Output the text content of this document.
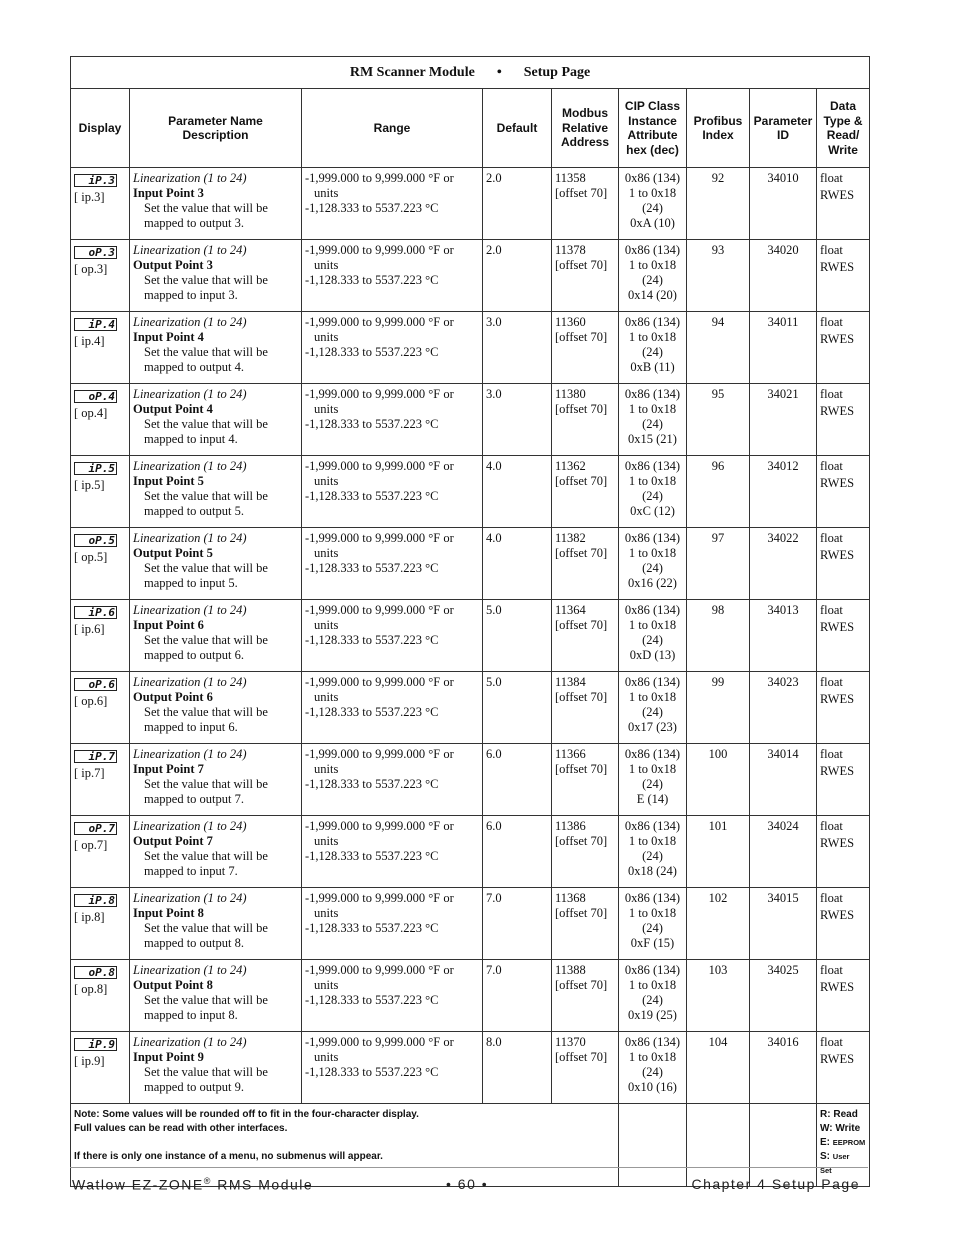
RM Scanner Module • Setup Page								
Display	Parameter Name Description	Range	Default	Modbus Relative Address	CIP Class Instance Attribute hex (dec)	Profibus Index	Parameter ID	Data Type & Read/ Write
iP.3
[ ip.3]	Linearization (1 to 24)
Input Point 3
Set the value that will be mapped to output 3.	-1,999.000 to 9,999.000 °F or
units
-1,128.333 to 5537.223 °C	2.0	11358
[offset 70]	0x86 (134)
1 to 0x18
(24)
0xA (10)	92	34010	float
RWES

oP.3
[ op.3]	Linearization (1 to 24)
Output Point 3
Set the value that will be mapped to input 3.	-1,999.000 to 9,999.000 °F or
units
-1,128.333 to 5537.223 °C	2.0	11378
[offset 70]	0x86 (134)
1 to 0x18
(24)
0x14 (20)	93	34020	float
RWES

iP.4
[ ip.4]	Linearization (1 to 24)
Input Point 4
Set the value that will be mapped to output 4.	-1,999.000 to 9,999.000 °F or
units
-1,128.333 to 5537.223 °C	3.0	11360
[offset 70]	0x86 (134)
1 to 0x18
(24)
0xB (11)	94	34011	float
RWES

oP.4
[ op.4]	Linearization (1 to 24)
Output Point 4
Set the value that will be mapped to input 4.	-1,999.000 to 9,999.000 °F or
units
-1,128.333 to 5537.223 °C	3.0	11380
[offset 70]	0x86 (134)
1 to 0x18
(24)
0x15 (21)	95	34021	float
RWES

iP.5
[ ip.5]	Linearization (1 to 24)
Input Point 5
Set the value that will be mapped to output 5.	-1,999.000 to 9,999.000 °F or
units
-1,128.333 to 5537.223 °C	4.0	11362
[offset 70]	0x86 (134)
1 to 0x18
(24)
0xC (12)	96	34012	float
RWES

oP.5
[ op.5]	Linearization (1 to 24)
Output Point 5
Set the value that will be mapped to input 5.	-1,999.000 to 9,999.000 °F or
units
-1,128.333 to 5537.223 °C	4.0	11382
[offset 70]	0x86 (134)
1 to 0x18
(24)
0x16 (22)	97	34022	float
RWES

iP.6
[ ip.6]	Linearization (1 to 24)
Input Point 6
Set the value that will be mapped to output 6.	-1,999.000 to 9,999.000 °F or
units
-1,128.333 to 5537.223 °C	5.0	11364
[offset 70]	0x86 (134)
1 to 0x18
(24)
0xD (13)	98	34013	float
RWES

oP.6
[ op.6]	Linearization (1 to 24)
Output Point 6
Set the value that will be mapped to input 6.	-1,999.000 to 9,999.000 °F or
units
-1,128.333 to 5537.223 °C	5.0	11384
[offset 70]	0x86 (134)
1 to 0x18
(24)
0x17 (23)	99	34023	float
RWES

iP.7
[ ip.7]	Linearization (1 to 24)
Input Point 7
Set the value that will be mapped to output 7.	-1,999.000 to 9,999.000 °F or
units
-1,128.333 to 5537.223 °C	6.0	11366
[offset 70]	0x86 (134)
1 to 0x18
(24)
E (14)	100	34014	float
RWES

oP.7
[ op.7]	Linearization (1 to 24)
Output Point 7
Set the value that will be mapped to input 7.	-1,999.000 to 9,999.000 °F or
units
-1,128.333 to 5537.223 °C	6.0	11386
[offset 70]	0x86 (134)
1 to 0x18
(24)
0x18 (24)	101	34024	float
RWES

iP.8
[ ip.8]	Linearization (1 to 24)
Input Point 8
Set the value that will be mapped to output 8.	-1,999.000 to 9,999.000 °F or
units
-1,128.333 to 5537.223 °C	7.0	11368
[offset 70]	0x86 (134)
1 to 0x18
(24)
0xF (15)	102	34015	float
RWES

oP.8
[ op.8]	Linearization (1 to 24)
Output Point 8
Set the value that will be mapped to input 8.	-1,999.000 to 9,999.000 °F or
units
-1,128.333 to 5537.223 °C	7.0	11388
[offset 70]	0x86 (134)
1 to 0x18
(24)
0x19 (25)	103	34025	float
RWES

iP.9
[ ip.9]	Linearization (1 to 24)
Input Point 9
Set the value that will be mapped to output 9.	-1,999.000 to 9,999.000 °F or
units
-1,128.333 to 5537.223 °C	8.0	11370
[offset 70]	0x86 (134)
1 to 0x18
(24)
0x10 (16)	104	34016	float
RWES

Note: Some values will be rounded off to fit in the four-character display.
Full values can be read with other interfaces.
If there is only one instance of a menu, no submenus will appear.								R: Read
W: Write
E: EEPROM
S: User
Set
Watlow EZ-ZONE® RMS Module	• 60 •	Chapter 4 Setup Page
